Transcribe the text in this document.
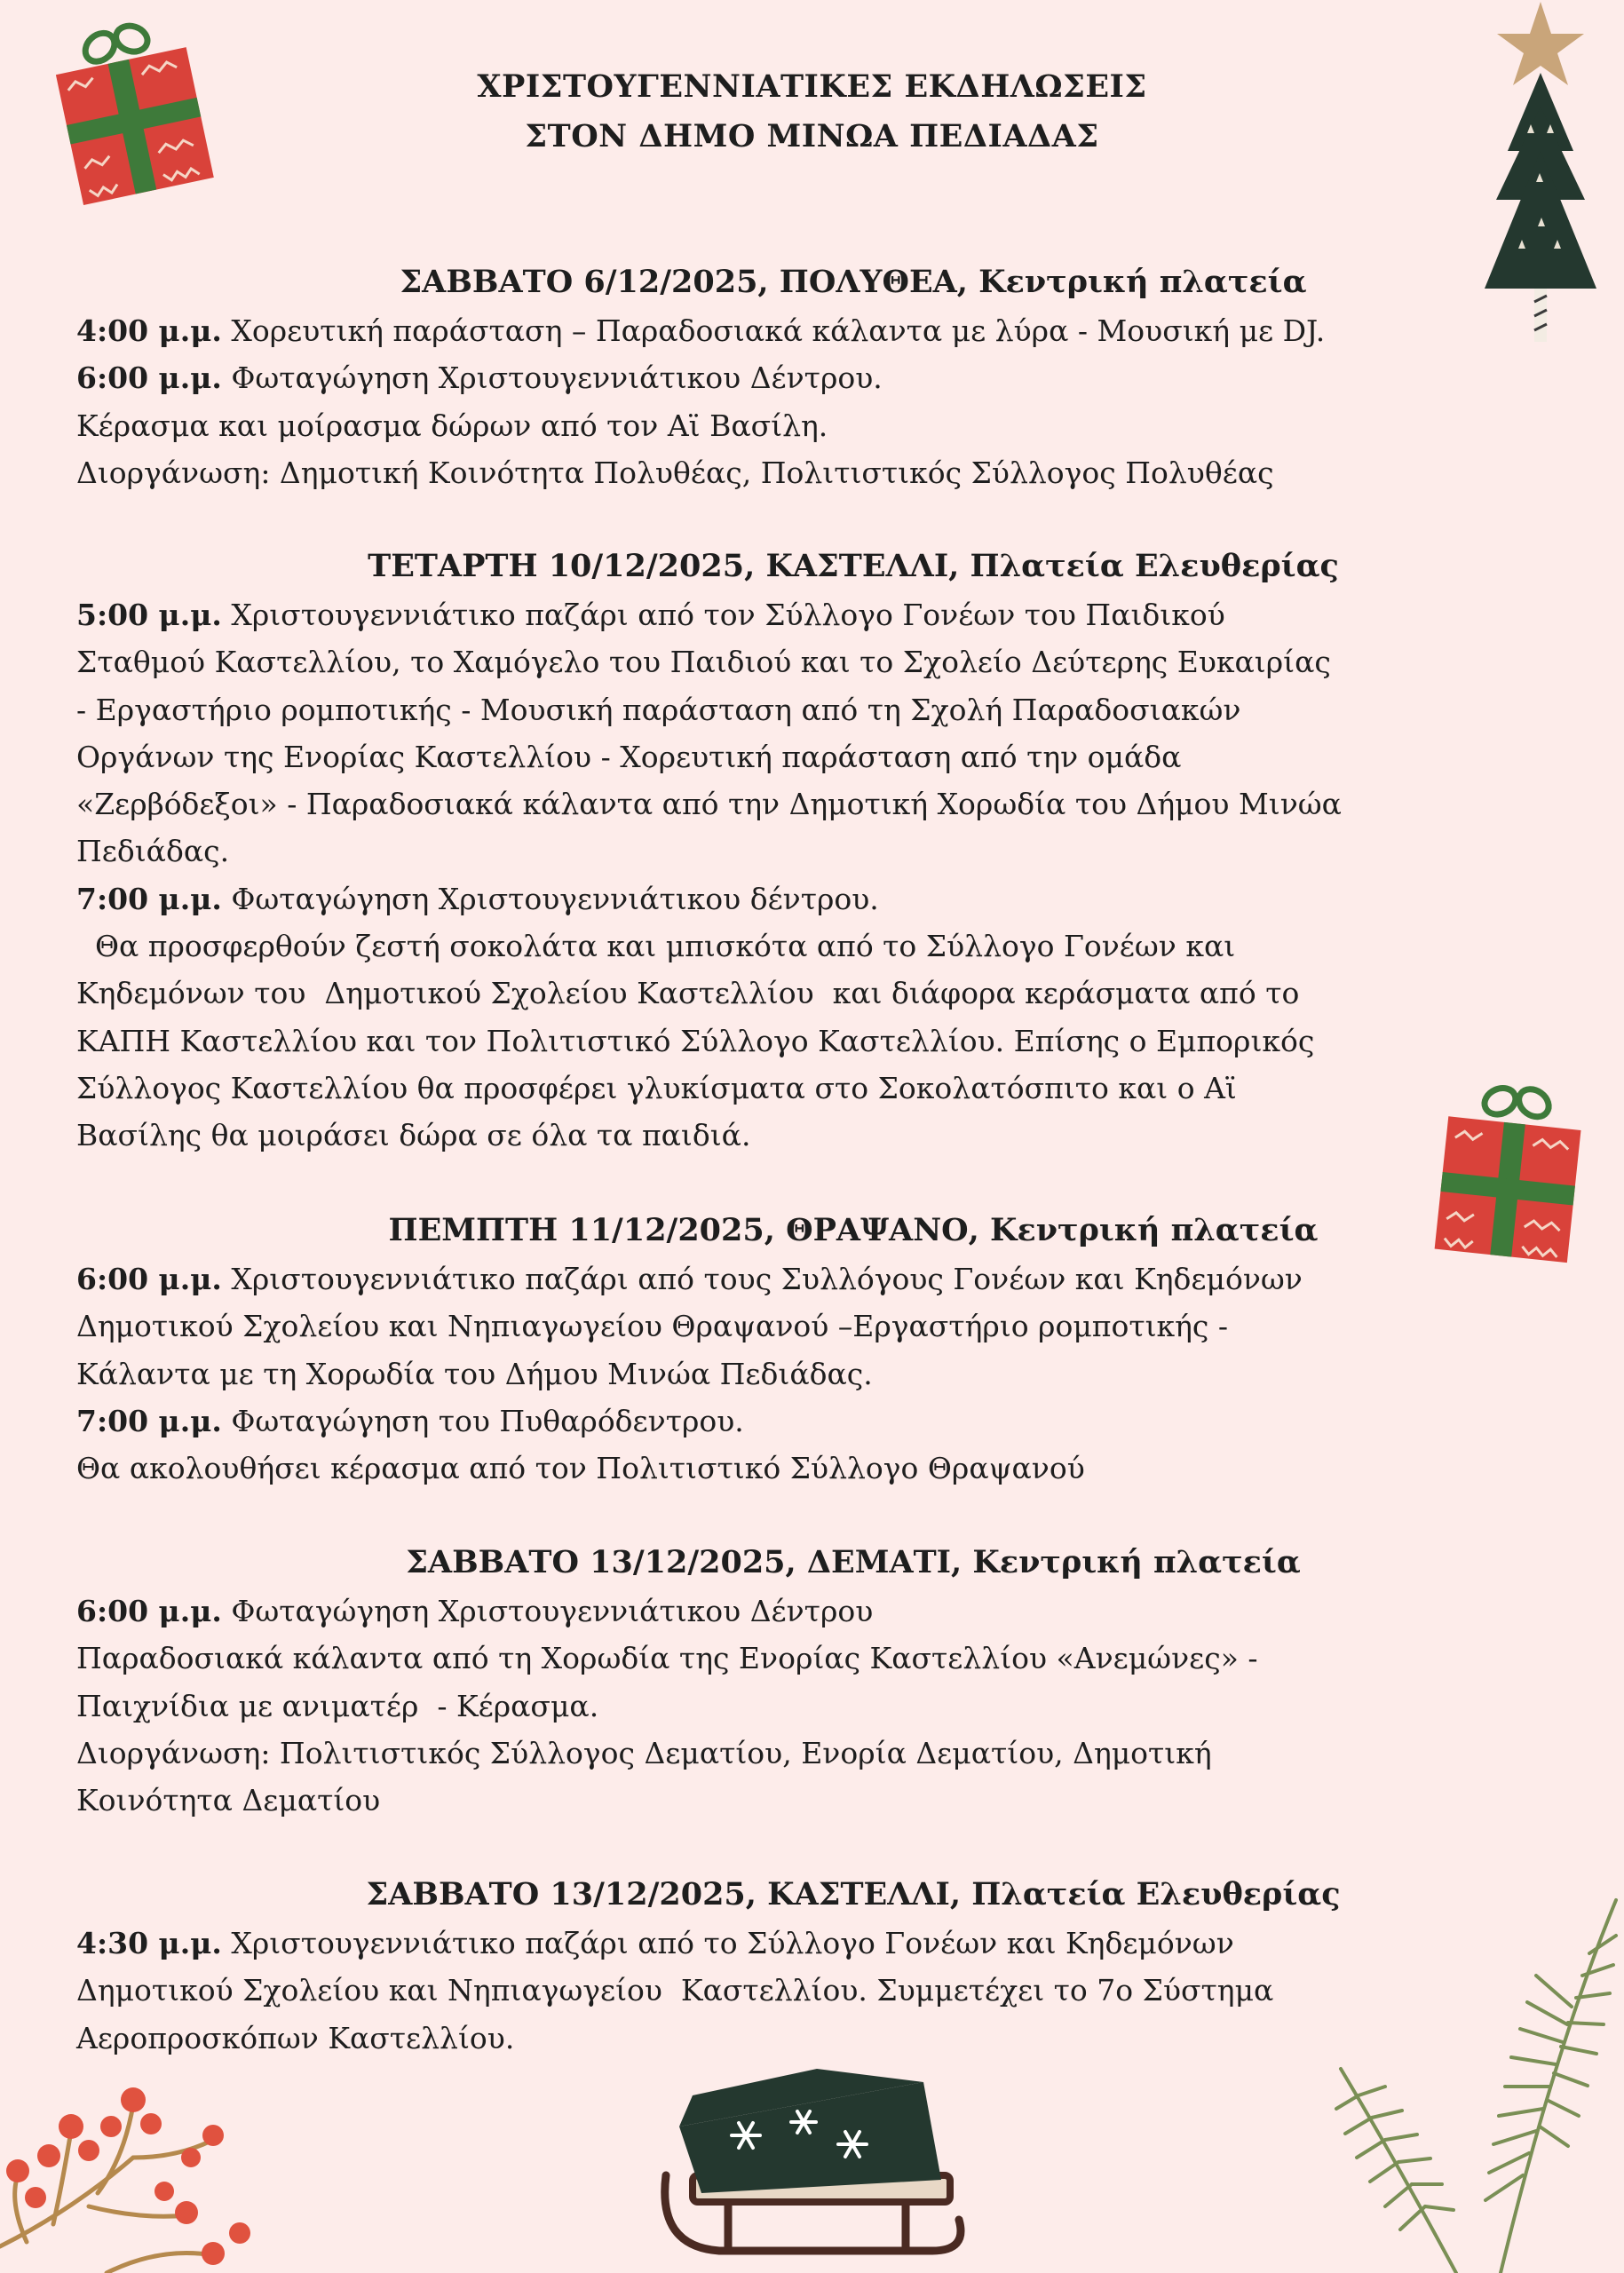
ΧΡΙΣΤΟΥΓΕΝΝΙΑΤΙΚΕΣ ΕΚΔΗΛΩΣΕΙΣ
ΣΤΟΝ ΔΗΜΟ ΜΙΝΩΑ ΠΕΔΙΑΔΑΣ
ΣΑΒΒΑΤΟ 6/12/2025, ΠΟΛΥΘΕΑ, Κεντρική πλατεία
4:00 μ.μ. Χορευτική παράσταση – Παραδοσιακά κάλαντα με λύρα - Μουσική με DJ.
6:00 μ.μ. Φωταγώγηση Χριστουγεννιάτικου Δέντρου.
Κέρασμα και μοίρασμα δώρων από τον Αϊ Βασίλη.
Διοργάνωση: Δημοτική Κοινότητα Πολυθέας, Πολιτιστικός Σύλλογος Πολυθέας
ΤΕΤΑΡΤΗ 10/12/2025, ΚΑΣΤΕΛΛΙ, Πλατεία Ελευθερίας
5:00 μ.μ. Χριστουγεννιάτικο παζάρι από τον Σύλλογο Γονέων του Παιδικού
Σταθμού Καστελλίου, το Χαμόγελο του Παιδιού και το Σχολείο Δεύτερης Ευκαιρίας
- Εργαστήριο ρομποτικής - Μουσική παράσταση από τη Σχολή Παραδοσιακών
Οργάνων της Ενορίας Καστελλίου - Χορευτική παράσταση από την ομάδα
«Ζερβόδεξοι» - Παραδοσιακά κάλαντα από την Δημοτική Χορωδία του Δήμου Μινώα
Πεδιάδας.
7:00 μ.μ. Φωταγώγηση Χριστουγεννιάτικου δέντρου.
Θα προσφερθούν ζεστή σοκολάτα και μπισκότα από το Σύλλογο Γονέων και
Κηδεμόνων του  Δημοτικού Σχολείου Καστελλίου  και διάφορα κεράσματα από το
ΚΑΠΗ Καστελλίου και τον Πολιτιστικό Σύλλογο Καστελλίου. Επίσης ο Εμπορικός
Σύλλογος Καστελλίου θα προσφέρει γλυκίσματα στο Σοκολατόσπιτο και ο Αϊ
Βασίλης θα μοιράσει δώρα σε όλα τα παιδιά.
ΠΕΜΠΤΗ 11/12/2025, ΘΡΑΨΑΝΟ, Κεντρική πλατεία
6:00 μ.μ. Χριστουγεννιάτικο παζάρι από τους Συλλόγους Γονέων και Κηδεμόνων
Δημοτικού Σχολείου και Νηπιαγωγείου Θραψανού –Εργαστήριο ρομποτικής -
Κάλαντα με τη Χορωδία του Δήμου Μινώα Πεδιάδας.
7:00 μ.μ. Φωταγώγηση του Πυθαρόδεντρου.
Θα ακολουθήσει κέρασμα από τον Πολιτιστικό Σύλλογο Θραψανού
ΣΑΒΒΑΤΟ 13/12/2025, ΔΕΜΑΤΙ, Κεντρική πλατεία
6:00 μ.μ. Φωταγώγηση Χριστουγεννιάτικου Δέντρου
Παραδοσιακά κάλαντα από τη Χορωδία της Ενορίας Καστελλίου «Ανεμώνες» -
Παιχνίδια με ανιματέρ  - Κέρασμα.
Διοργάνωση: Πολιτιστικός Σύλλογος Δεματίου, Ενορία Δεματίου, Δημοτική
Κοινότητα Δεματίου
ΣΑΒΒΑΤΟ 13/12/2025, ΚΑΣΤΕΛΛΙ, Πλατεία Ελευθερίας
4:30 μ.μ. Χριστουγεννιάτικο παζάρι από το Σύλλογο Γονέων και Κηδεμόνων
Δημοτικού Σχολείου και Νηπιαγωγείου  Καστελλίου. Συμμετέχει το 7ο Σύστημα
Αεροπροσκόπων Καστελλίου.
